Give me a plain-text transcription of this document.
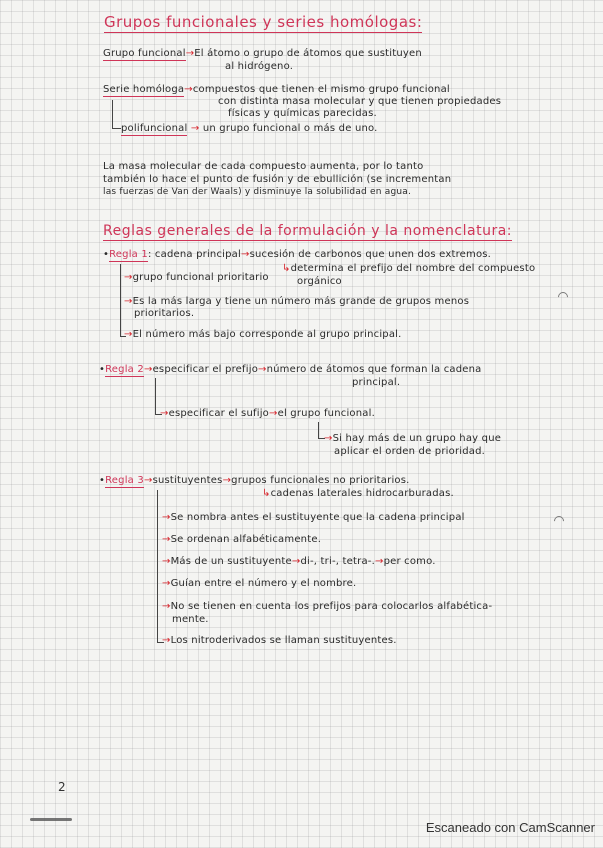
Grupos funcionales y series homólogas:
Grupo funcional→El átomo o grupo de átomos que sustituyen
al hidrógeno.
Serie homóloga→compuestos que tienen el mismo grupo funcional
con distinta masa molecular y que tienen propiedades
físicas y químicas parecidas.
polifuncional → un grupo funcional o más de uno.
La masa molecular de cada compuesto aumenta, por lo tanto
también lo hace el punto de fusión y de ebullición (se incrementan
las fuerzas de Van der Waals) y disminuye la solubilidad en agua.
Reglas generales de la formulación y la nomenclatura:
•Regla 1: cadena principal→sucesión de carbonos que unen dos extremos.
↳determina el prefijo del nombre del compuesto
orgánico
→grupo funcional prioritario
→Es la más larga y tiene un número más grande de grupos menos
prioritarios.
→El número más bajo corresponde al grupo principal.
•Regla 2→especificar el prefijo→número de átomos que forman la cadena
principal.
→especificar el sufijo→el grupo funcional.
→Si hay más de un grupo hay que
aplicar el orden de prioridad.
•Regla 3→sustituyentes→grupos funcionales no prioritarios.
↳cadenas laterales hidrocarburadas.
→Se nombra antes el sustituyente que la cadena principal
→Se ordenan alfabéticamente.
→Más de un sustituyente→di-, tri-, tetra-.→per como.
→Guían entre el número y el nombre.
→No se tienen en cuenta los prefijos para colocarlos alfabética-
mente.
→Los nitroderivados se llaman sustituyentes.
2
Escaneado con CamScanner
